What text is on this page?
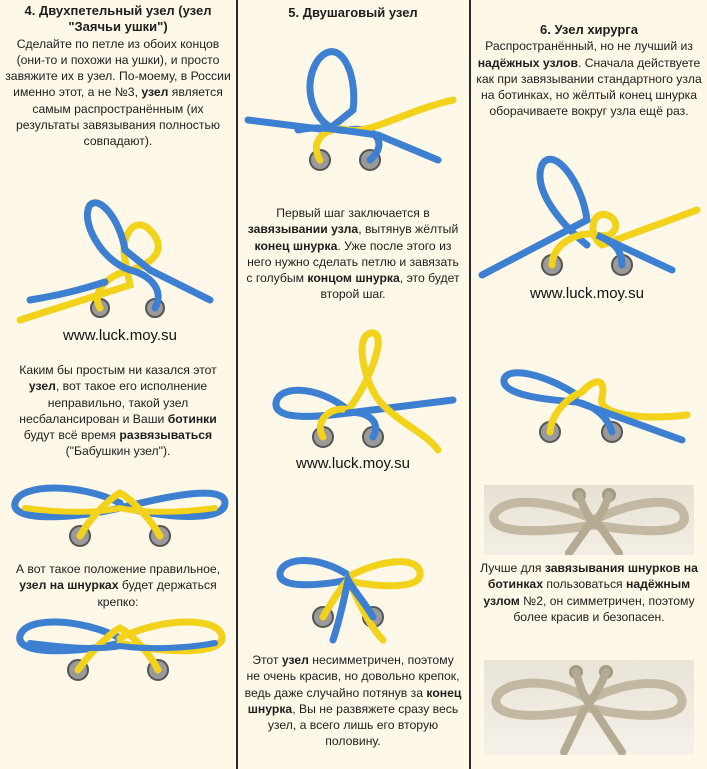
4. Двухпетельный узел (узел "Заячьи ушки")
Сделайте по петле из обоих концов (они-то и похожи на ушки), и просто завяжите их в узел. По-моему, в России именно этот, а не №3, узел является самым распространённым (их результаты завязывания полностью совпадают).
www.luck.moy.su
Каким бы простым ни казался этот узел, вот такое его исполнение неправильно, такой узел несбалансирован и Ваши ботинки будут всё время развязываться ("Бабушкин узел").
А вот такое положение правильное, узел на шнурках будет держаться крепко:
5. Двушаговый узел
Первый шаг заключается в завязывании узла, вытянув жёлтый конец шнурка. Уже после этого из него нужно сделать петлю и завязать с голубым концом шнурка, это будет второй шаг.
www.luck.moy.su
Этот узел несимметричен, поэтому не очень красив, но довольно крепок, ведь даже случайно потянув за конец шнурка, Вы не развяжете сразу весь узел, а всего лишь его вторую половину.
6. Узел хирурга
Распространённый, но не лучший из надёжных узлов. Сначала действуете как при завязывании стандартного узла на ботинках, но жёлтый конец шнурка оборачиваете вокруг узла ещё раз.
www.luck.moy.su
Лучше для завязывания шнурков на ботинках пользоваться надёжным узлом №2, он симметричен, поэтому более красив и безопасен.
